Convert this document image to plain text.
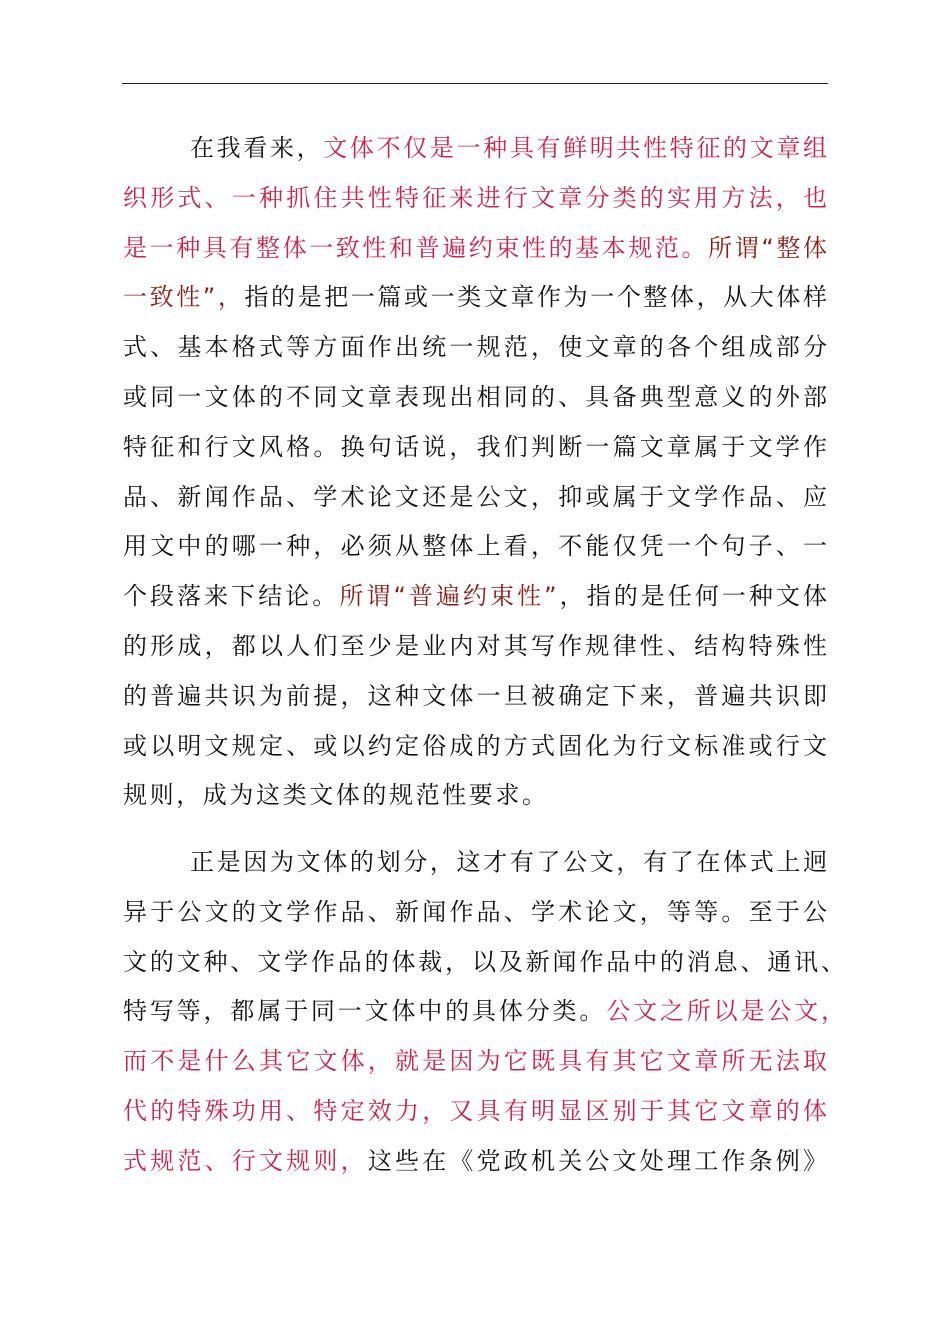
在我看来，文体不仅是一种具有鲜明共性特征的文章组
织形式、一种抓住共性特征来进行文章分类的实用方法，也
是一种具有整体一致性和普遍约束性的基本规范。所谓“整体
一致性”，指的是把一篇或一类文章作为一个整体，从大体样
式、基本格式等方面作出统一规范，使文章的各个组成部分
或同一文体的不同文章表现出相同的、具备典型意义的外部
特征和行文风格。换句话说，我们判断一篇文章属于文学作
品、新闻作品、学术论文还是公文，抑或属于文学作品、应
用文中的哪一种，必须从整体上看，不能仅凭一个句子、一
个段落来下结论。所谓“普遍约束性”，指的是任何一种文体
的形成，都以人们至少是业内对其写作规律性、结构特殊性
的普遍共识为前提，这种文体一旦被确定下来，普遍共识即
或以明文规定、或以约定俗成的方式固化为行文标准或行文
规则，成为这类文体的规范性要求。
正是因为文体的划分，这才有了公文，有了在体式上迥
异于公文的文学作品、新闻作品、学术论文，等等。至于公
文的文种、文学作品的体裁，以及新闻作品中的消息、通讯、
特写等，都属于同一文体中的具体分类。公文之所以是公文，
而不是什么其它文体，就是因为它既具有其它文章所无法取
代的特殊功用、特定效力，又具有明显区别于其它文章的体
式规范、行文规则，这些在《党政机关公文处理工作条例》
